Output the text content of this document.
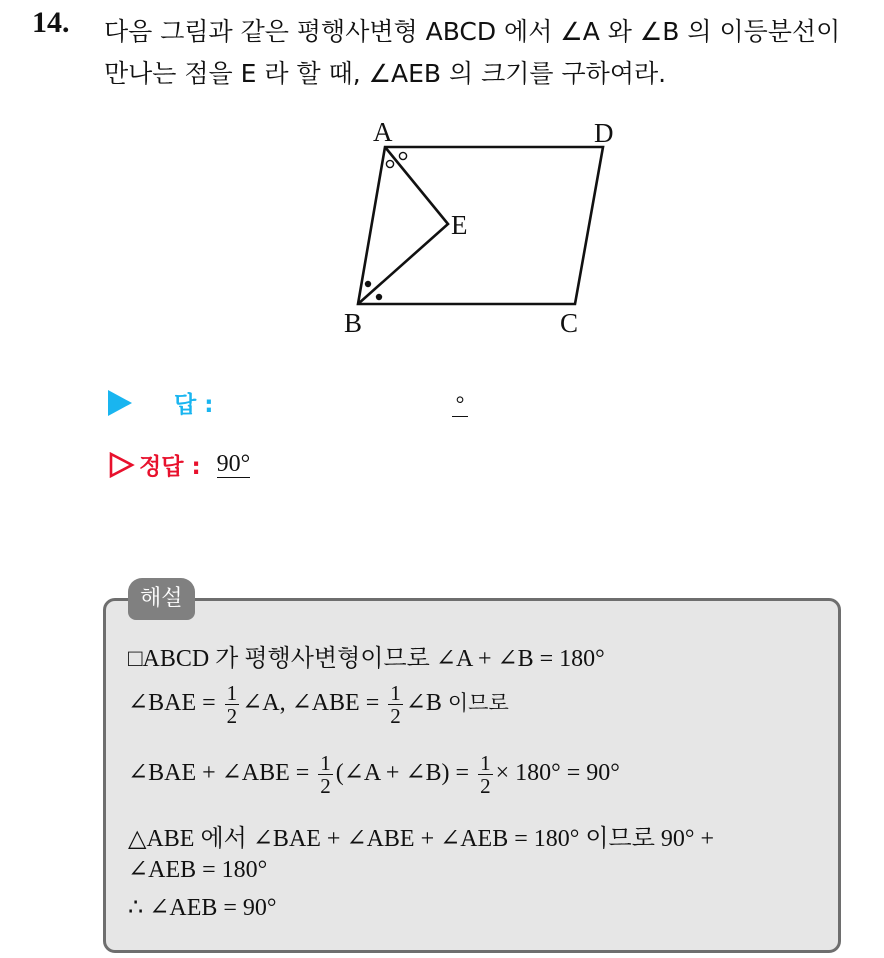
14. 다음 그림과 같은 평행사변형 ABCD 에서 ∠A 와 ∠B 의 이등분선이
만나는 점을 E 라 할 때, ∠AEB 의 크기를 구하여라.
A	D
E
B	C
답 :	°
정답 : 90°
해설
□ABCD 가 평행사변형이므로 ∠A + ∠B = 180°
∠BAE = $\frac{1}{2}$ ∠A, ∠ABE = $\frac{1}{2}$ ∠B 이므로
∠BAE + ∠ABE = $\frac{1}{2}$ (∠A + ∠B) = $\frac{1}{2} \times 180^\circ = 90^\circ$
△ABE 에서 ∠BAE + ∠ABE + ∠AEB = 180° 이므로 90° +
∠AEB = 180°
∴ ∠AEB = 90°
